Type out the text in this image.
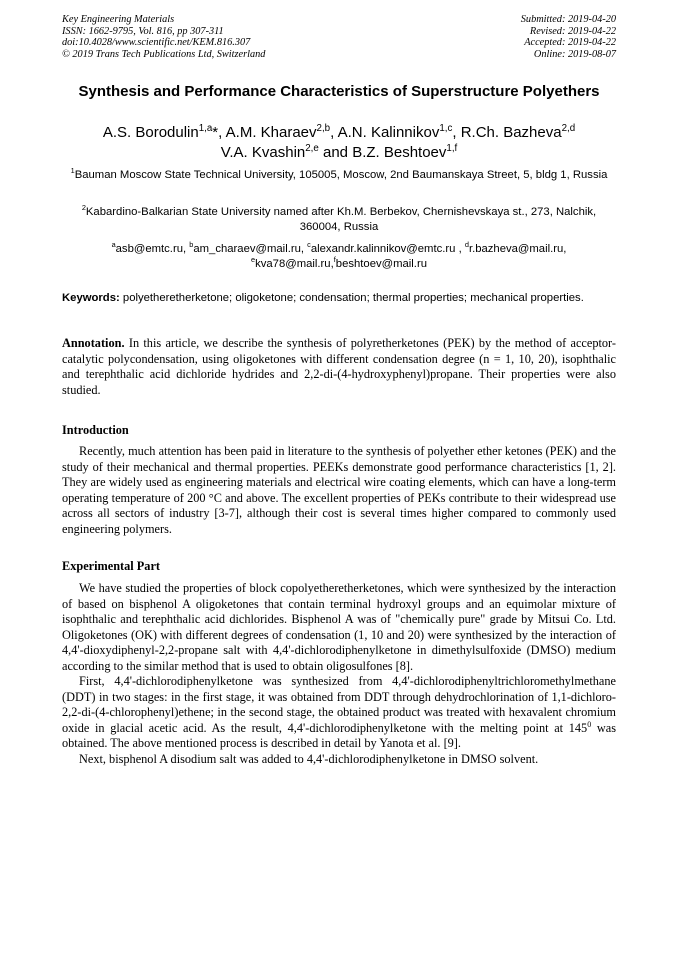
Key Engineering Materials
ISSN: 1662-9795, Vol. 816, pp 307-311
doi:10.4028/www.scientific.net/KEM.816.307
© 2019 Trans Tech Publications Ltd, Switzerland
Submitted: 2019-04-20
Revised: 2019-04-22
Accepted: 2019-04-22
Online: 2019-08-07
Synthesis and Performance Characteristics of Superstructure Polyethers
A.S. Borodulin$^{1,a}$*, A.M. Kharaev$^{2,b}$, A.N. Kalinnikov$^{1,c}$, R.Ch. Bazheva$^{2,d}$
V.A. Kvashin$^{2,e}$ and B.Z. Beshtoev$^{1,f}$
$^1$Bauman Moscow State Technical University, 105005, Moscow, 2nd Baumanskaya Street, 5, bldg 1, Russia
$^2$Kabardino-Balkarian State University named after Kh.M. Berbekov, Chernishevskaya st., 273, Nalchik, 360004, Russia
$^a$asb@emtc.ru, $^b$am_charaev@mail.ru, $^c$alexandr.kalinnikov@emtc.ru , $^d$r.bazheva@mail.ru,
$^e$kva78@mail.ru,$^f$beshtoev@mail.ru
Keywords: polyetheretherketone; oligoketone; condensation; thermal properties; mechanical properties.
Annotation. In this article, we describe the synthesis of polyretherketones (PEK) by the method of acceptor-catalytic polycondensation, using oligoketones with different condensation degree (n = 1, 10, 20), isophthalic and terephthalic acid dichloride hydrides and 2,2-di-(4-hydroxyphenyl)propane. Their properties were also studied.
Introduction

Recently, much attention has been paid in literature to the synthesis of polyether ether ketones (PEK) and the study of their mechanical and thermal properties. PEEKs demonstrate good performance characteristics [1, 2]. They are widely used as engineering materials and electrical wire coating elements, which can have a long-term operating temperature of 200 °C and above. The excellent properties of PEKs contribute to their widespread use across all sectors of industry [3-7], although their cost is several times higher compared to commonly used engineering polymers.

Experimental Part

We have studied the properties of block copolyetheretherketones, which were synthesized by the interaction of based on bisphenol A oligoketones that contain terminal hydroxyl groups and an equimolar mixture of isophthalic and terephthalic acid dichlorides. Bisphenol A was of "chemically pure" grade by Mitsui Co. Ltd. Oligoketones (OK) with different degrees of condensation (1, 10 and 20) were synthesized by the interaction of 4,4'-dioxydiphenyl-2,2-propane salt with 4,4'-dichlorodiphenylketone in dimethylsulfoxide (DMSO) medium according to the similar method that is used to obtain oligosulfones [8].

First, 4,4'-dichlorodiphenylketone was synthesized from 4,4'-dichlorodiphenyltrichloromethylmethane (DDT) in two stages: in the first stage, it was obtained from DDT through dehydrochlorination of 1,1-dichloro-2,2-di-(4-chlorophenyl)ethene; in the second stage, the obtained product was treated with hexavalent chromium oxide in glacial acetic acid. As the result, 4,4'-dichlorodiphenylketone with the melting point at $145^0$ was obtained. The above mentioned process is described in detail by Yanota et al. [9].

Next, bisphenol A disodium salt was added to 4,4'-dichlorodiphenylketone in DMSO solvent.
